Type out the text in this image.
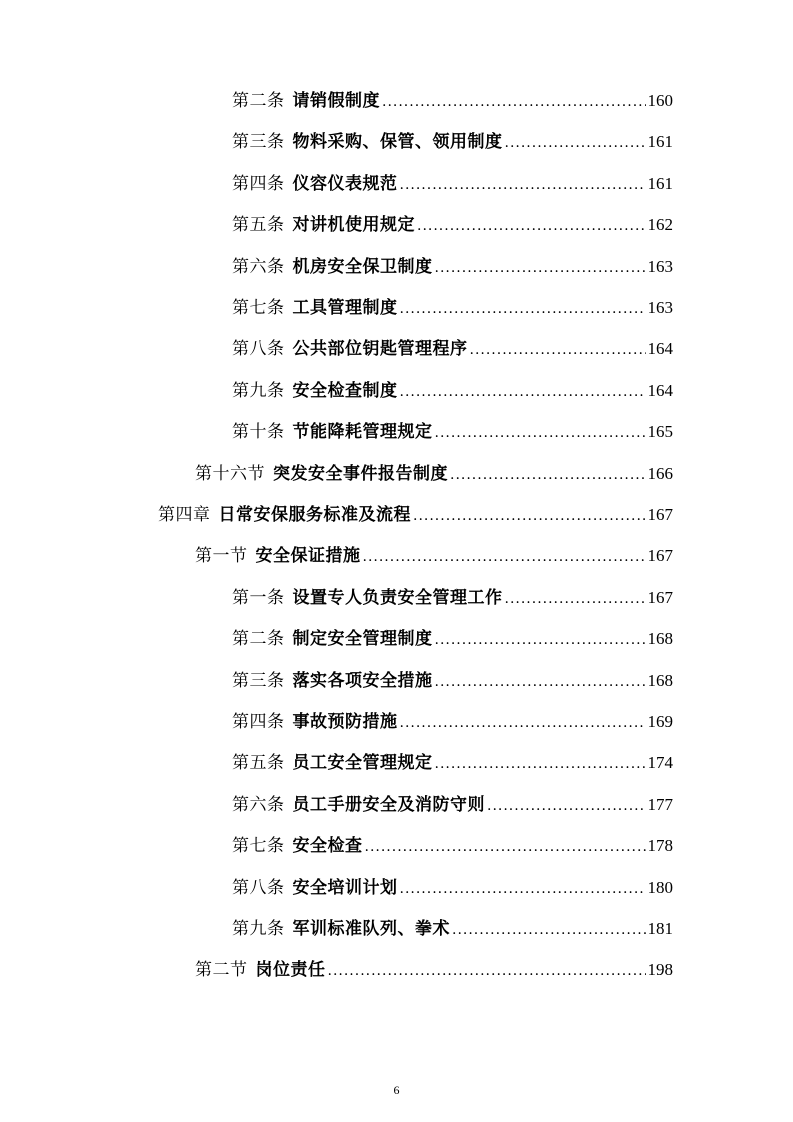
第二条 请销假制度 .....	160
第三条 物料采购、保管、领用制度 .....	161
第四条 仪容仪表规范 .....	161
第五条 对讲机使用规定 .....	162
第六条 机房安全保卫制度 .....	163
第七条 工具管理制度 .....	163
第八条 公共部位钥匙管理程序 .....	164
第九条 安全检查制度 .....	164
第十条 节能降耗管理规定 .....	165
第十六节 突发安全事件报告制度 .....	166
第四章 日常安保服务标准及流程 .....	167
第一节 安全保证措施 .....	167
第一条 设置专人负责安全管理工作 .....	167
第二条 制定安全管理制度 .....	168
第三条 落实各项安全措施 .....	168
第四条 事故预防措施 .....	169
第五条 员工安全管理规定 .....	174
第六条 员工手册安全及消防守则 .....	177
第七条 安全检查 .....	178
第八条 安全培训计划 .....	180
第九条 军训标准队列、拳术 .....	181
第二节 岗位责任 .....	198
6
